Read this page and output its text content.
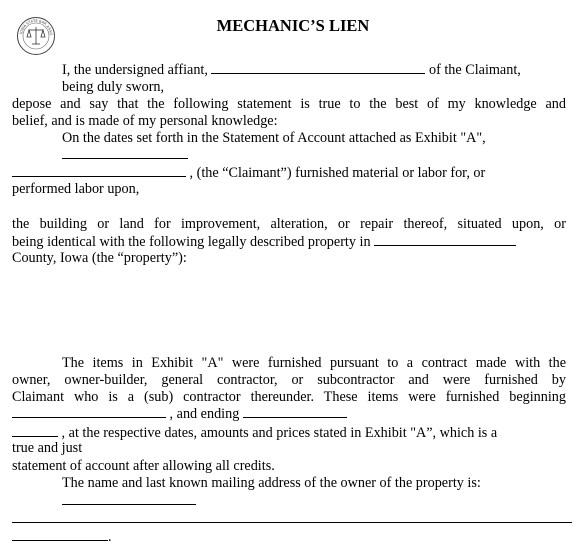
IOWA STATE BAR ASSO	MECHANIC’S LIEN
I, the undersigned affiant,	of the Claimant,
being duly sworn,
depose and say that the following statement is true to the best of my knowledge and
belief, and is made of my personal knowledge:
On the dates set forth in the Statement of Account attached as Exhibit "A",
, (the “Claimant”) furnished material or labor for, or
performed labor upon,
the building or land for improvement, alteration, or repair thereof, situated upon, or
being identical with the following legally described property in
County, Iowa (the “property”):
The items in Exhibit "A" were furnished pursuant to a contract made with the
owner, owner-builder, general contractor, or subcontractor and were furnished by
Claimant who is a (sub) contractor thereunder. These items were furnished beginning
, and ending
, at the respective dates, amounts and prices stated in Exhibit "A”, which is a
true and just
statement of account after allowing all credits.
The name and last known mailing address of the owner of the property is:
.
